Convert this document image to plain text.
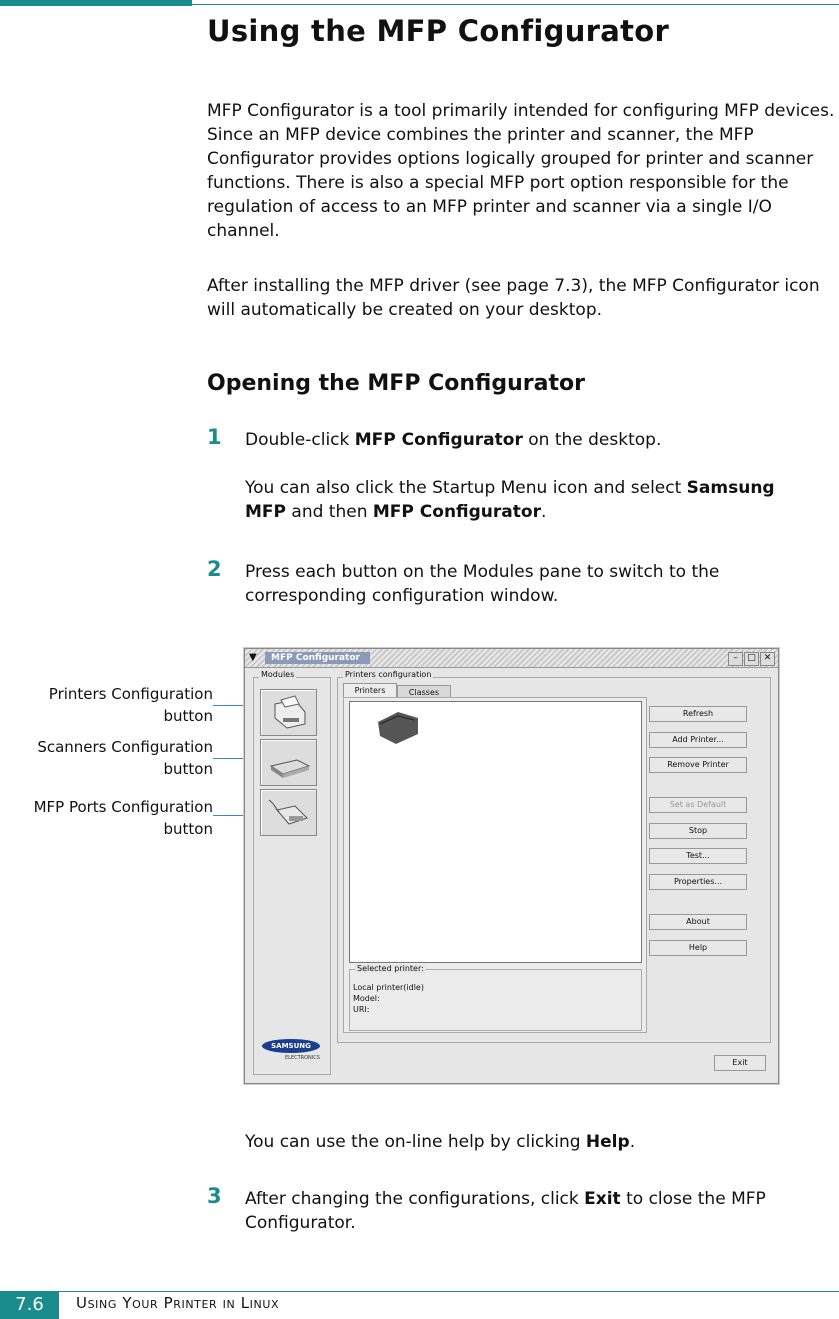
Using the MFP Configurator

MFP Configurator is a tool primarily intended for configuring MFP devices. Since an MFP device combines the printer and scanner, the MFP Configurator provides options logically grouped for printer and scanner functions. There is also a special MFP port option responsible for the regulation of access to an MFP printer and scanner via a single I/O channel.

After installing the MFP driver (see page 7.3), the MFP Configurator icon will automatically be created on your desktop.

Opening the MFP Configurator
1 Double-click MFP Configurator on the desktop.

You can also click the Startup Menu icon and select Samsung MFP and then MFP Configurator.

2 Press each button on the Modules pane to switch to the corresponding configuration window.

Printers Configuration
button
Scanners Configuration
button
MFP Ports Configuration
button
▼	MFP Configurator	–	□ ✕
Modules
SAMSUNG
ELECTRONICS
Printers configuration
Printers	Classes
Selected printer:
Local printer(idle)
Model:
URI:
Refresh
Add Printer...
Remove Printer
Set as Default
Stop
Test...
Properties...
About
Help
Exit

You can use the on-line help by clicking Help.

3 After changing the configurations, click Exit to close the MFP Configurator.

7.6	Using Your Printer in Linux
